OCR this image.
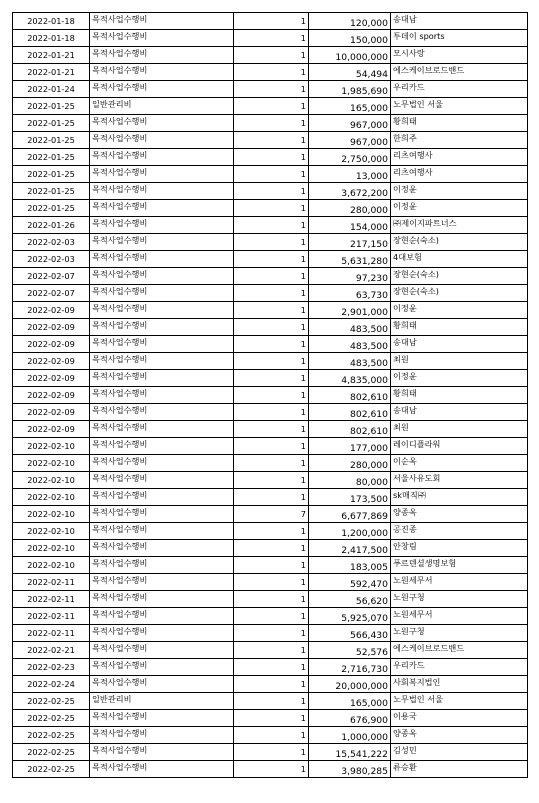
2022-01-18	목적사업수행비	1	120,000	송대남
2022-01-18	목적사업수행비	1	150,000	투데이 sports
2022-01-21	목적사업수행비	1	10,000,000	모시사랑
2022-01-21	목적사업수행비	1	54,494	에스케이브로드밴드
2022-01-24	목적사업수행비	1	1,985,690	우리카드
2022-01-25	일반관리비	1	165,000	노무법인 서울
2022-01-25	목적사업수행비	1	967,000	황희태
2022-01-25	목적사업수행비	1	967,000	한희주
2022-01-25	목적사업수행비	1	2,750,000	리츠여행사
2022-01-25	목적사업수행비	1	13,000	리츠여행사
2022-01-25	목적사업수행비	1	3,672,200	이정윤
2022-01-25	목적사업수행비	1	280,000	이정윤
2022-01-26	목적사업수행비	1	154,000	㈜제이지파트너스
2022-02-03	목적사업수행비	1	217,150	장현순(숙소)
2022-02-03	목적사업수행비	1	5,631,280	4대보험
2022-02-07	목적사업수행비	1	97,230	장현순(숙소)
2022-02-07	목적사업수행비	1	63,730	장현순(숙소)
2022-02-09	목적사업수행비	1	2,901,000	이정윤
2022-02-09	목적사업수행비	1	483,500	황희태
2022-02-09	목적사업수행비	1	483,500	송대남
2022-02-09	목적사업수행비	1	483,500	최원
2022-02-09	목적사업수행비	1	4,835,000	이정윤
2022-02-09	목적사업수행비	1	802,610	황희태
2022-02-09	목적사업수행비	1	802,610	송대남
2022-02-09	목적사업수행비	1	802,610	최원
2022-02-10	목적사업수행비	1	177,000	레이디플라워
2022-02-10	목적사업수행비	1	280,000	이순옥
2022-02-10	목적사업수행비	1	80,000	서울사유도회
2022-02-10	목적사업수행비	1	173,500	sk매직㈜
2022-02-10	목적사업수행비	7	6,677,869	양종옥
2022-02-10	목적사업수행비	1	1,200,000	공진종
2022-02-10	목적사업수행비	1	2,417,500	안창림
2022-02-10	목적사업수행비	1	183,005	푸르덴셜생명보험
2022-02-11	목적사업수행비	1	592,470	노원세무서
2022-02-11	목적사업수행비	1	56,620	노원구청
2022-02-11	목적사업수행비	1	5,925,070	노원세무서
2022-02-11	목적사업수행비	1	566,430	노원구청
2022-02-21	목적사업수행비	1	52,576	에스케이브로드밴드
2022-02-23	목적사업수행비	1	2,716,730	우리카드
2022-02-24	목적사업수행비	1	20,000,000	사회복지법인
2022-02-25	일반관리비	1	165,000	노무법인 서울
2022-02-25	목적사업수행비	1	676,900	이용국
2022-02-25	목적사업수행비	1	1,000,000	양종옥
2022-02-25	목적사업수행비	1	15,541,222	김성민
2022-02-25	목적사업수행비	1	3,980,285	류승환
